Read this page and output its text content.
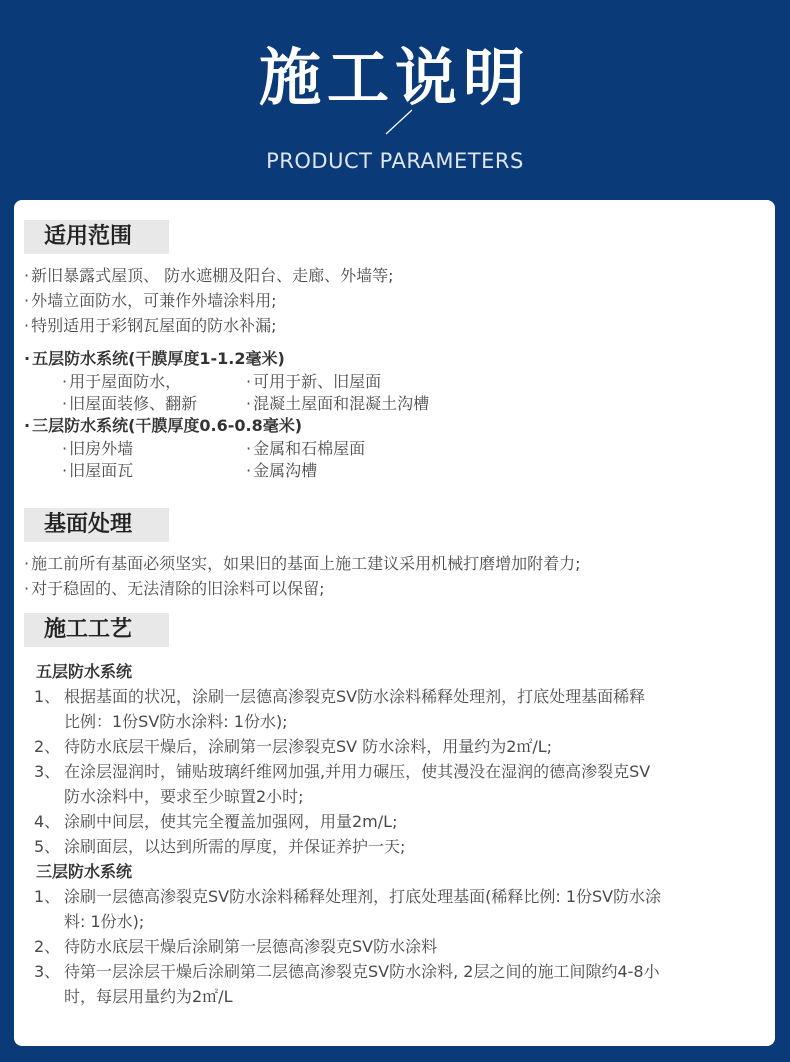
施工说明
PRODUCT PARAMETERS
适用范围
· 新旧暴露式屋顶、 防水遮棚及阳台、走廊、外墙等;
· 外墙立面防水，可兼作外墙涂料用;
· 特别适用于彩钢瓦屋面的防水补漏;
· 五层防水系统(干膜厚度1-1.2毫米)
· 用于屋面防水，	· 可用于新、旧屋面
· 旧屋面装修、翻新	· 混凝土屋面和混凝土沟槽
· 三层防水系统(干膜厚度0.6-0.8毫米)
· 旧房外墙	· 金属和石棉屋面
· 旧屋面瓦	· 金属沟槽
基面处理
· 施工前所有基面必须坚实，如果旧的基面上施工建议采用机械打磨增加附着力;
· 对于稳固的、无法清除的旧涂料可以保留;
施工工艺
五层防水系统
1、 根据基面的状况，涂刷一层德高渗裂克SV防水涂料稀释处理剂，打底处理基面稀释
比例：1份SV防水涂料: 1份水);
2、 待防水底层干燥后，涂刷第一层渗裂克SV 防水涂料，用量约为2㎡/L;
3、 在涂层湿润时，铺贴玻璃纤维网加强,并用力碾压，使其漫没在湿润的德高渗裂克SV
防水涂料中，要求至少晾置2小时;
4、 涂刷中间层，使其完全覆盖加强网，用量2m/L;
5、 涂刷面层，以达到所需的厚度，并保证养护一天;
三层防水系统
1、 涂刷一层德高渗裂克SV防水涂料稀释处理剂，打底处理基面(稀释比例: 1份SV防水涂
料: 1份水);
2、 待防水底层干燥后涂刷第一层德高渗裂克SV防水涂料
3、 待第一层涂层干燥后涂刷第二层德高渗裂克SV防水涂料, 2层之间的施工间隙约4-8小
时，每层用量约为2㎡/L
